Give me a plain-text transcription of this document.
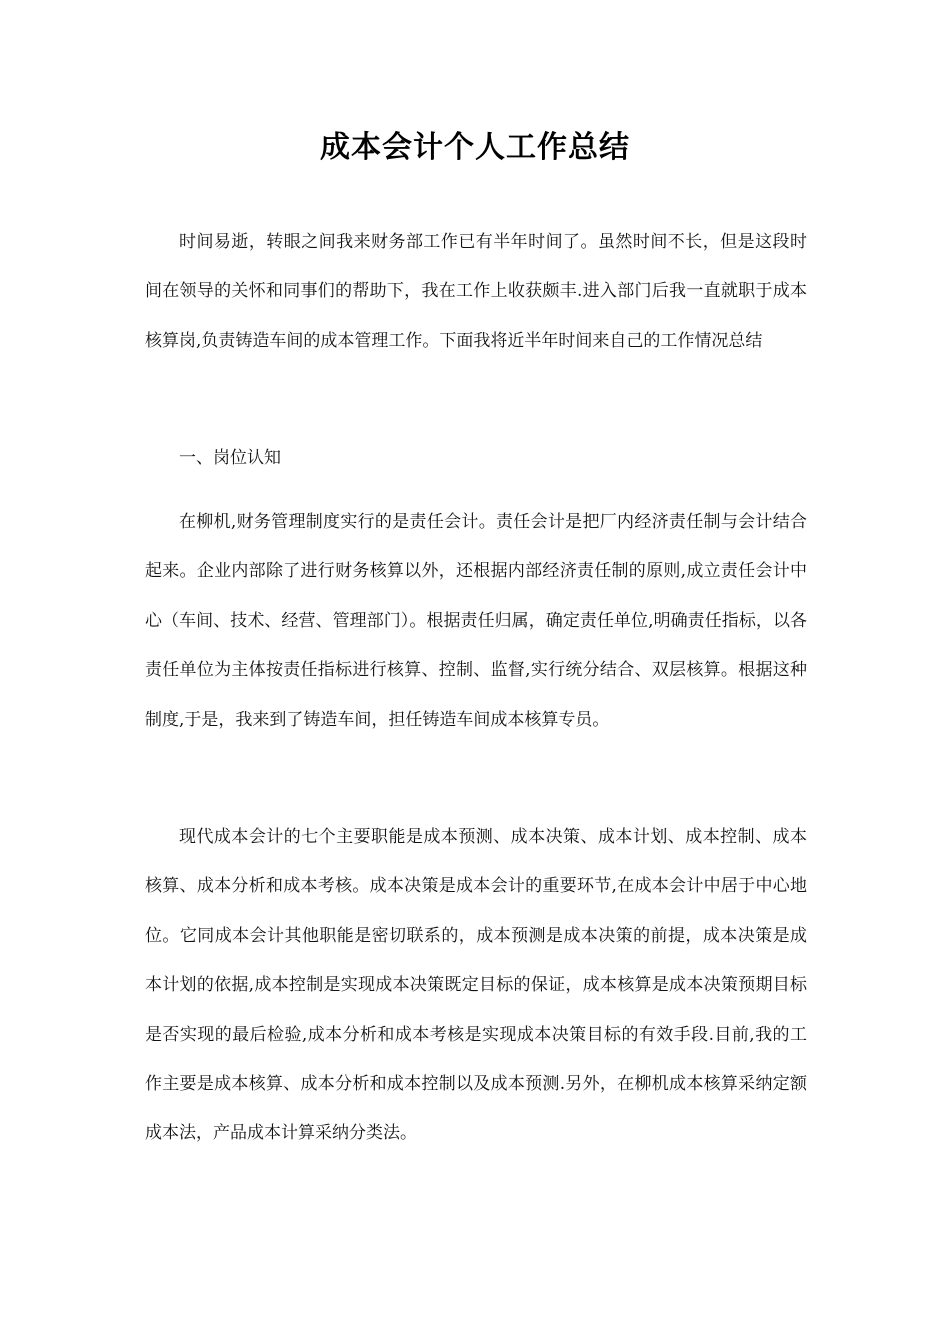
成本会计个人工作总结

时间易逝，转眼之间我来财务部工作已有半年时间了。虽然时间不长，但是这段时间在领导的关怀和同事们的帮助下，我在工作上收获颇丰.进入部门后我一直就职于成本核算岗,负责铸造车间的成本管理工作。下面我将近半年时间来自己的工作情况总结

一、岗位认知

在柳机,财务管理制度实行的是责任会计。责任会计是把厂内经济责任制与会计结合起来。企业内部除了进行财务核算以外，还根据内部经济责任制的原则,成立责任会计中心（车间、技术、经营、管理部门）。根据责任归属，确定责任单位,明确责任指标，以各责任单位为主体按责任指标进行核算、控制、监督,实行统分结合、双层核算。根据这种制度,于是，我来到了铸造车间，担任铸造车间成本核算专员。

现代成本会计的七个主要职能是成本预测、成本决策、成本计划、成本控制、成本核算、成本分析和成本考核。成本决策是成本会计的重要环节,在成本会计中居于中心地位。它同成本会计其他职能是密切联系的，成本预测是成本决策的前提，成本决策是成本计划的依据,成本控制是实现成本决策既定目标的保证，成本核算是成本决策预期目标是否实现的最后检验,成本分析和成本考核是实现成本决策目标的有效手段.目前,我的工作主要是成本核算、成本分析和成本控制以及成本预测.另外，在柳机成本核算采纳定额成本法，产品成本计算采纳分类法。
